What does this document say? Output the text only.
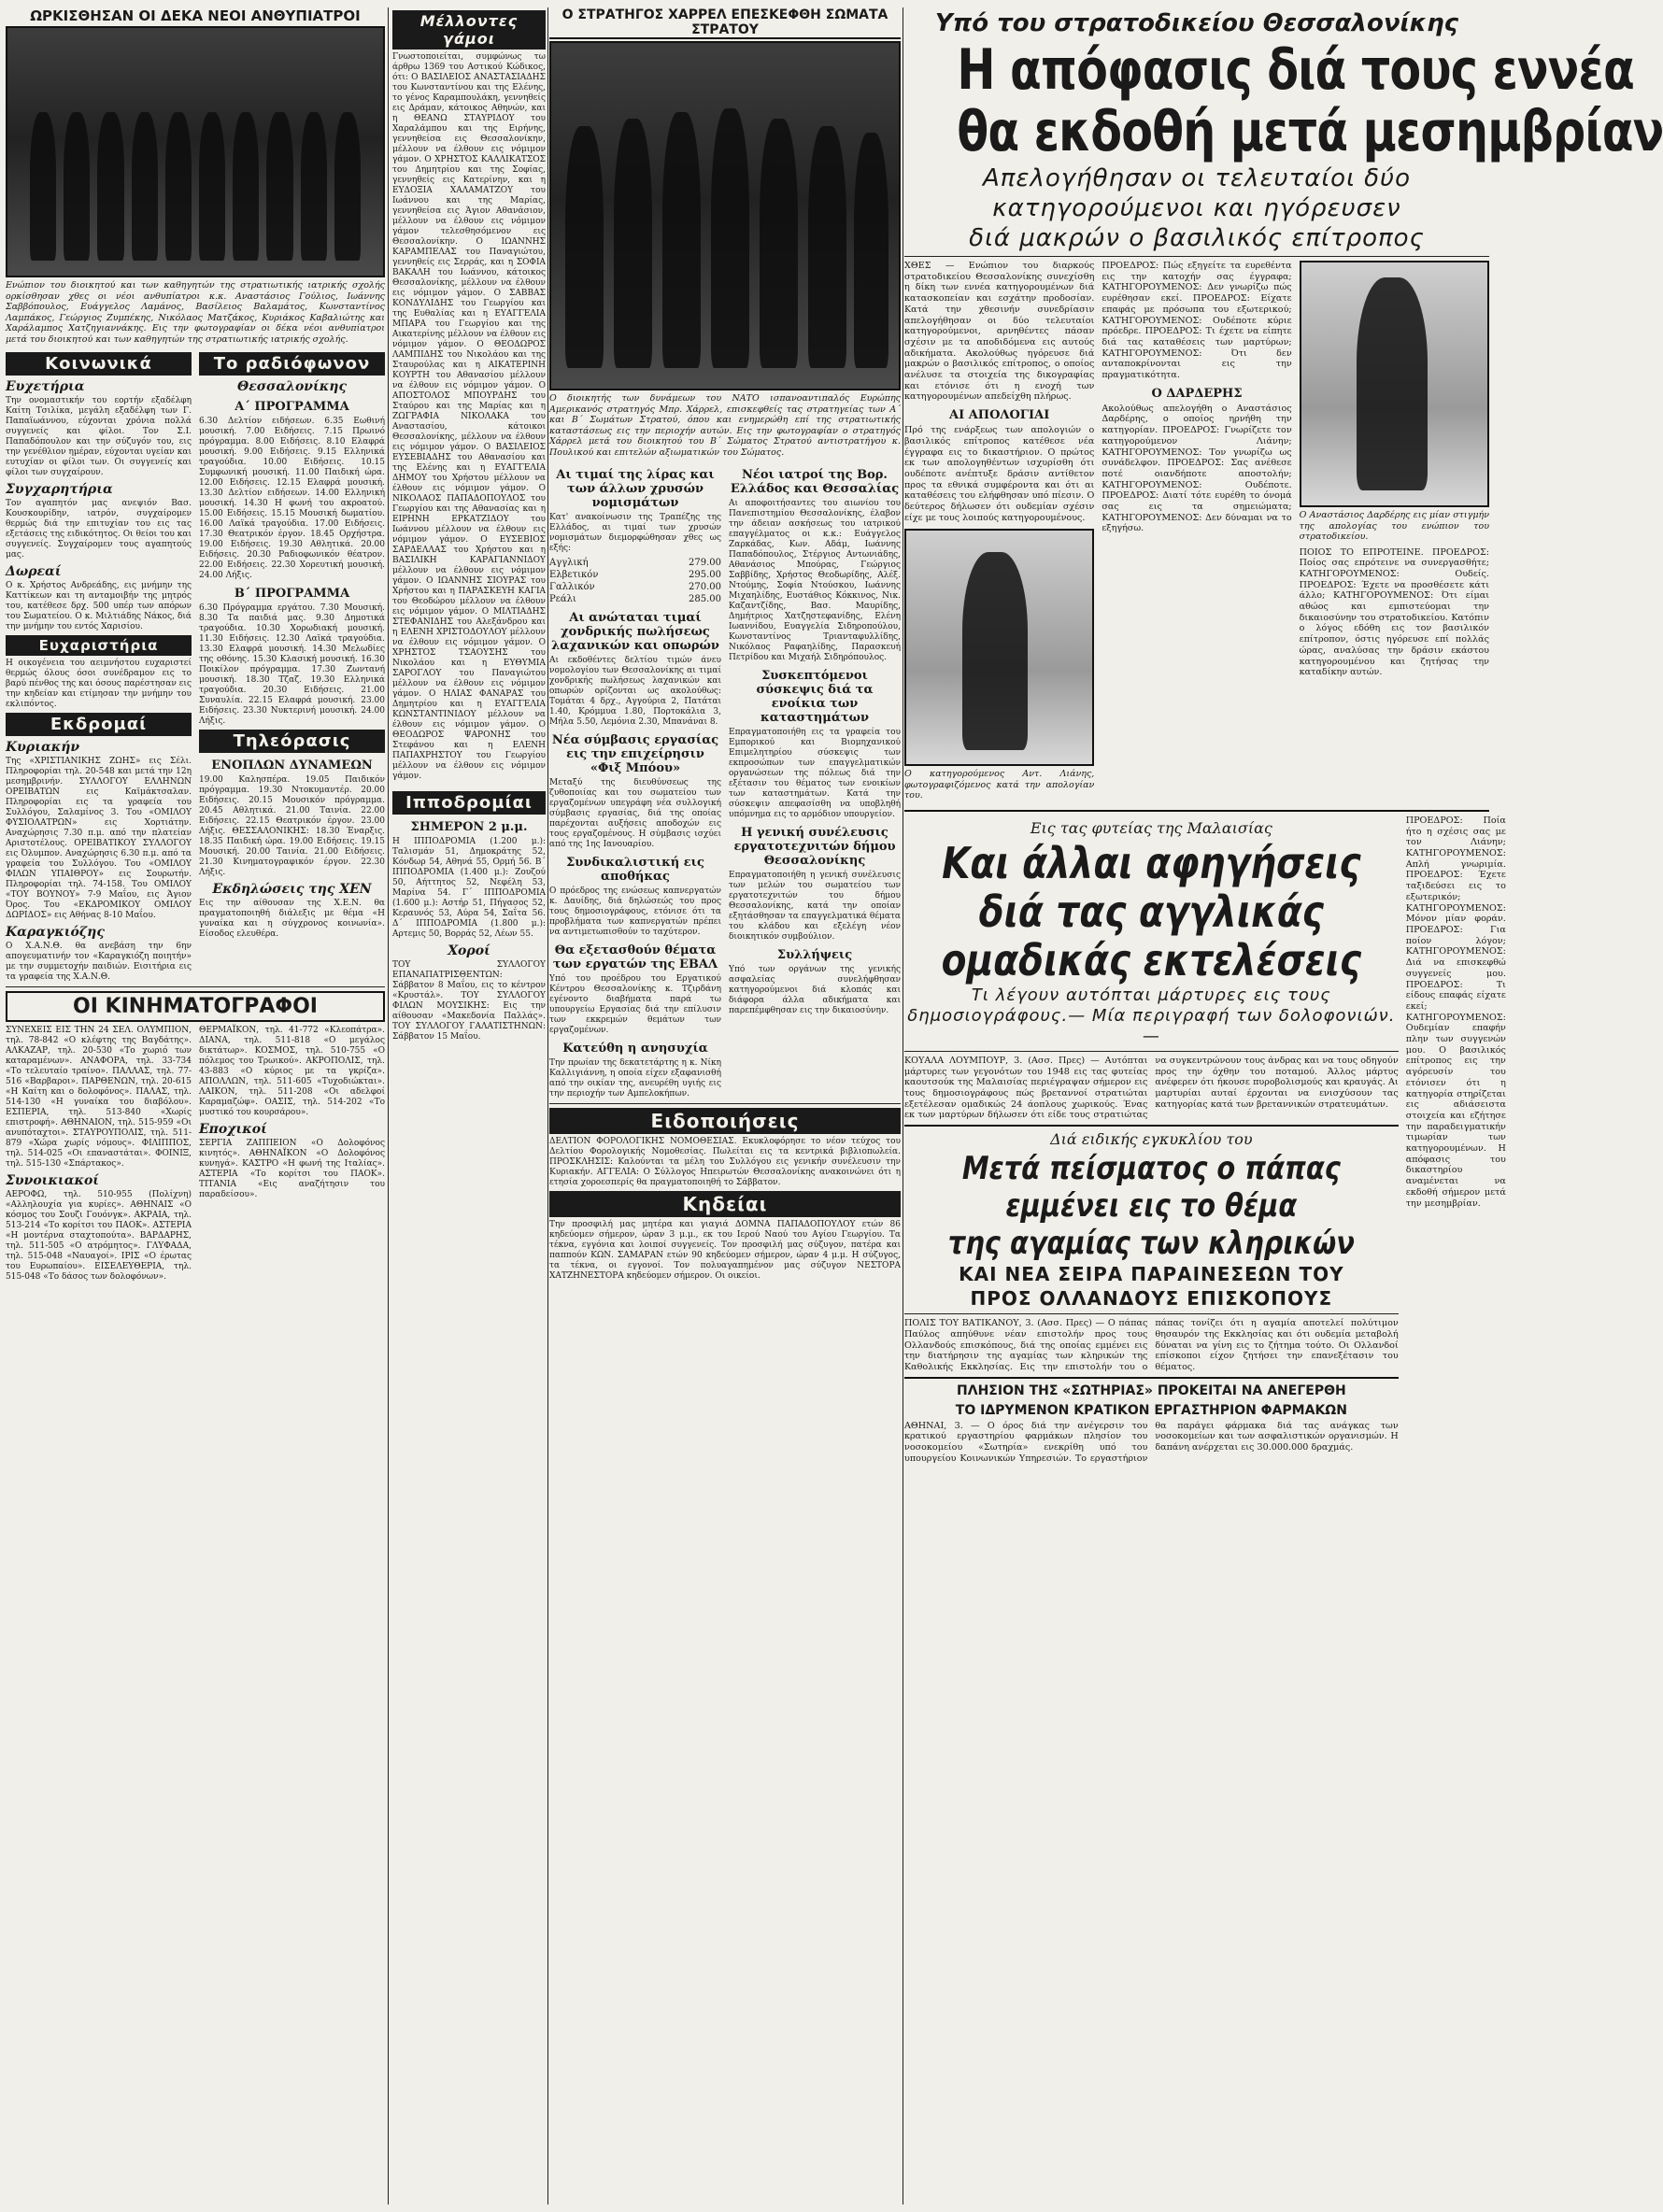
ΩΡΚΙΣΘΗΣΑΝ ΟΙ ΔΕΚΑ ΝΕΟΙ ΑΝΘΥΠΙΑΤΡΟΙ

Ενώπιον του διοικητού και των καθηγητών της στρατιωτικής ιατρικής σχολής ορκίσθησαν χθες οι νέοι ανθυπίατροι κ.κ. Αναστάσιος Γούλιος, Ιωάννης Σαββόπουλος, Ευάγγελος Λαμάνος, Βασίλειος Βαλαμάτος, Κωνσταντίνος Λαμπάκος, Γεώργιος Ζυμπέκης, Νικόλαος Ματζάκος, Κυριάκος Καβαλιώτης και Χαράλαμπος Χατζηγιαννάκης. Εις την φωτογραφίαν οι δέκα νέοι ανθυπίατροι μετά του διοικητού και των καθηγητών της στρατιωτικής ιατρικής σχολής.

Κοινωνικά
Ευχετήρια

Την ονομαστικήν του εορτήν εξαδέλφη Καίτη Τσιλίκα, μεγάλη εξαδέλφη των Γ. Παπαϊωάννου, εύχονται χρόνια πολλά συγγενείς και φίλοι. Τον Σ.Ι. Παπαδόπουλον και την σύζυγόν του, εις την γενέθλιον ημέραν, εύχονται υγείαν και ευτυχίαν οι φίλοι των. Οι συγγενείς και φίλοι των συγχαίρουν.

Συγχαρητήρια

Τον αγαπητόν μας ανεψιόν Βασ. Κουσκουρίδην, ιατρόν, συγχαίρομεν θερμώς διά την επιτυχίαν του εις τας εξετάσεις της ειδικότητος. Οι θείοι του και συγγενείς. Συγχαίρομεν τους αγαπητούς μας.

Δωρεαί

Ο κ. Χρήστος Ανδρεάδης, εις μνήμην της Καττίκεων και τη ανταμοιβήν της μητρός του, κατέθεσε δρχ. 500 υπέρ των απόρων του Σωματείου. Ο κ. Μιλτιάδης Νάκος, διά την μνήμην του εντός Χαρισίου.

Ευχαριστήρια

Η οικογένεια του αειμνήστου ευχαριστεί θερμώς όλους όσοι συνέδραμον εις το βαρύ πένθος της και όσους παρέστησαν εις την κηδείαν και ετίμησαν την μνήμην του εκλιπόντος.

Εκδρομαί
Κυριακήν

Της «ΧΡΙΣΤΙΑΝΙΚΗΣ ΖΩΗΣ» εις Σέλι. Πληροφορίαι τηλ. 20-548 και μετά την 12η μεσημβρινήν. ΣΥΛΛΟΓΟΥ ΕΛΛΗΝΩΝ ΟΡΕΙΒΑΤΩΝ εις Καϊμάκτσαλαν. Πληροφορίαι εις τα γραφεία του Συλλόγου, Σαλαμίνος 3. Του «ΟΜΙΛΟΥ ΦΥΣΙΟΛΑΤΡΩΝ» εις Χορτιάτην. Αναχώρησις 7.30 π.μ. από την πλατείαν Αριστοτέλους. ΟΡΕΙΒΑΤΙΚΟΥ ΣΥΛΛΟΓΟΥ εις Όλυμπον. Αναχώρησις 6.30 π.μ. από τα γραφεία του Συλλόγου. Του «ΟΜΙΛΟΥ ΦΙΛΩΝ ΥΠΑΙΘΡΟΥ» εις Σουρωτήν. Πληροφορίαι τηλ. 74-158. Του ΟΜΙΛΟΥ «ΤΟΥ ΒΟΥΝΟΥ» 7-9 Μαΐου, εις Άγιον Όρος. Του «ΕΚΔΡΟΜΙΚΟΥ ΟΜΙΛΟΥ ΔΩΡΙΔΟΣ» εις Αθήνας 8-10 Μαΐου.

Καραγκιόζης

Ο Χ.Α.Ν.Θ. θα ανεβάση την 6ην απογευματινήν τον «Καραγκιόζη ποιητήν» με την συμμετοχήν παιδιών. Εισιτήρια εις τα γραφεία της Χ.Α.Ν.Θ.

Το ραδιόφωνον
Θεσσαλονίκης
Α΄ ΠΡΟΓΡΑΜΜΑ

6.30 Δελτίον ειδήσεων. 6.35 Εωθινή μουσική. 7.00 Ειδήσεις. 7.15 Πρωινό πρόγραμμα. 8.00 Ειδήσεις. 8.10 Ελαφρά μουσική. 9.00 Ειδήσεις. 9.15 Ελληνικά τραγούδια. 10.00 Ειδήσεις. 10.15 Συμφωνική μουσική. 11.00 Παιδική ώρα. 12.00 Ειδήσεις. 12.15 Ελαφρά μουσική. 13.30 Δελτίον ειδήσεων. 14.00 Ελληνική μουσική. 14.30 Η φωνή του ακροατού. 15.00 Ειδήσεις. 15.15 Μουσική δωματίου. 16.00 Λαϊκά τραγούδια. 17.00 Ειδήσεις. 17.30 Θεατρικόν έργον. 18.45 Ορχήστρα. 19.00 Ειδήσεις. 19.30 Αθλητικά. 20.00 Ειδήσεις. 20.30 Ραδιοφωνικόν θέατρον. 22.00 Ειδήσεις. 22.30 Χορευτική μουσική. 24.00 Λήξις.

Β΄ ΠΡΟΓΡΑΜΜΑ

6.30 Πρόγραμμα εργάτου. 7.30 Μουσική. 8.30 Τα παιδιά μας. 9.30 Δημοτικά τραγούδια. 10.30 Χορωδιακή μουσική. 11.30 Ειδήσεις. 12.30 Λαϊκά τραγούδια. 13.30 Ελαφρά μουσική. 14.30 Μελωδίες της οθόνης. 15.30 Κλασική μουσική. 16.30 Ποικίλον πρόγραμμα. 17.30 Ζωντανή μουσική. 18.30 Τζαζ. 19.30 Ελληνικά τραγούδια. 20.30 Ειδήσεις. 21.00 Συναυλία. 22.15 Ελαφρά μουσική. 23.00 Ειδήσεις. 23.30 Νυκτερινή μουσική. 24.00 Λήξις.

Τηλεόρασις
ΕΝΟΠΛΩΝ ΔΥΝΑΜΕΩΝ

19.00 Καλησπέρα. 19.05 Παιδικόν πρόγραμμα. 19.30 Ντοκυμαντέρ. 20.00 Ειδήσεις. 20.15 Μουσικόν πρόγραμμα. 20.45 Αθλητικά. 21.00 Ταινία. 22.00 Ειδήσεις. 22.15 Θεατρικόν έργον. 23.00 Λήξις. ΘΕΣΣΑΛΟΝΙΚΗΣ: 18.30 Έναρξις. 18.35 Παιδική ώρα. 19.00 Ειδήσεις. 19.15 Μουσική. 20.00 Ταινία. 21.00 Ειδήσεις. 21.30 Κινηματογραφικόν έργον. 22.30 Λήξις.

Εκδηλώσεις της ΧΕΝ

Εις την αίθουσαν της Χ.Ε.Ν. θα πραγματοποιηθή διάλεξις με θέμα «Η γυναίκα και η σύγχρονος κοινωνία». Είσοδος ελευθέρα.

ΟΙ ΚΙΝΗΜΑΤΟΓΡΑΦΟΙ

ΣΥΝΕΧΕΙΣ ΕΙΣ ΤΗΝ 24 ΣΕΛ. ΟΛΥΜΠΙΟΝ, τηλ. 78-842 «Ο κλέφτης της Βαγδάτης». ΑΛΚΑΖΑΡ, τηλ. 20-530 «Το χωριό των καταραμένων». ΑΝΑΦΟΡΑ, τηλ. 33-734 «Το τελευταίο τραίνο». ΠΑΛΛΑΣ, τηλ. 77-516 «Βαρβαροι». ΠΑΡΘΕΝΩΝ, τηλ. 20-615 «Η Καίτη και ο δολοφόνος». ΠΑΛΑΣ, τηλ. 514-130 «Η γυναίκα του διαβόλου». ΕΣΠΕΡΙΑ, τηλ. 513-840 «Χωρίς επιστροφή». ΑΘΗΝΑΙΟΝ, τηλ. 515-959 «Οι ανυπόταχτοι». ΣΤΑΥΡΟΥΠΟΛΙΣ, τηλ. 511-879 «Χώρα χωρίς νόμους». ΦΙΛΙΠΠΟΣ, τηλ. 514-025 «Οι επαναστάται». ΦΟΙΝΙΞ, τηλ. 515-130 «Σπάρτακος».

Συνοικιακοί

ΑΕΡΟΦΩ, τηλ. 510-955 (Πολίχνη) «Αλληλουχία για κυρίες». ΑΘΗΝΑΙΣ «Ο κόσμος του Σουζι Γουόνγκ». ΑΚΡΑΙΑ, τηλ. 513-214 «Το κορίτσι του ΠΑΟΚ». ΑΣΤΕΡΙΑ «Η μοντέρνα σταχτοπούτα». ΒΑΡΔΑΡΗΣ, τηλ. 511-505 «Ο ατρόμητος». ΓΛΥΦΑΔΑ, τηλ. 515-048 «Ναυαγοί». ΙΡΙΣ «Ο έρωτας του Ευρωπαίου». ΕΙΣΕΛΕΥΘΕΡΙΑ, τηλ. 515-048 «Το δάσος των δολοφόνων».

ΘΕΡΜΑΪΚΟΝ, τηλ. 41-772 «Κλεοπάτρα». ΔΙΑΝΑ, τηλ. 511-818 «Ο μεγάλος δικτάτωρ». ΚΟΣΜΟΣ, τηλ. 510-755 «Ο πόλεμος του Τρωικού». ΑΚΡΟΠΟΛΙΣ, τηλ. 43-883 «Ο κύριος με τα γκρίζα». ΑΠΟΛΛΩΝ, τηλ. 511-605 «Τυχοδιώκται». ΛΑΙΚΟΝ, τηλ. 511-208 «Οι αδελφοί Καραμαζώφ». ΟΑΣΙΣ, τηλ. 514-202 «Το μυστικό του κουρσάρου».

Εποχικοί

ΣΕΡΓΙΑ ΖΑΠΠΕΙΟΝ «Ο Δολοφόνος κινητός». ΑΘΗΝΑΪΚΟΝ «Ο Δολοφόνος κυνηγά». ΚΑΣΤΡΟ «Η φωνή της Ιταλίας». ΑΣΤΕΡΙΑ «Το κορίτσι του ΠΑΟΚ». ΤΙΤΑΝΙΑ «Εις αναζήτησιν του παραδείσου».

Μέλλοντες γάμοι

Γνωστοποιείται, συμφώνως τω άρθρω 1369 του Αστικού Κώδικος, ότι: Ο ΒΑΣΙΛΕΙΟΣ ΑΝΑΣΤΑΣΙΑΔΗΣ του Κωνσταντίνου και της Ελένης, το γένος Καραμπουλάκη, γεννηθείς εις Δράμαν, κάτοικος Αθηνών, και η ΘΕΑΝΩ ΣΤΑΥΡΙΔΟΥ του Χαραλάμπου και της Ειρήνης, γεννηθείσα εις Θεσσαλονίκην, μέλλουν να έλθουν εις νόμιμον γάμον. Ο ΧΡΗΣΤΟΣ ΚΑΛΛΙΚΑΤΣΟΣ του Δημητρίου και της Σοφίας, γεννηθείς εις Κατερίνην, και η ΕΥΔΟΞΙΑ ΧΑΛΑΜΑΤΖΟΥ του Ιωάννου και της Μαρίας, γεννηθείσα εις Άγιον Αθανάσιον, μέλλουν να έλθουν εις νόμιμον γάμον τελεσθησόμενον εις Θεσσαλονίκην. Ο ΙΩΑΝΝΗΣ ΚΑΡΑΜΠΕΛΑΣ του Παναγιώτου, γεννηθείς εις Σερράς, και η ΣΟΦΙΑ ΒΑΚΑΛΗ του Ιωάννου, κάτοικος Θεσσαλονίκης, μέλλουν να έλθουν εις νόμιμον γάμον. Ο ΣΑΒΒΑΣ ΚΟΝΔΥΛΙΔΗΣ του Γεωργίου και της Ευθαλίας και η ΕΥΑΓΓΕΛΙΑ ΜΠΑΡΑ του Γεωργίου και της Αικατερίνης μέλλουν να έλθουν εις νόμιμον γάμον. Ο ΘΕΟΔΩΡΟΣ ΛΑΜΠΙΔΗΣ του Νικολάου και της Σταυρούλας και η ΑΙΚΑΤΕΡΙΝΗ ΚΟΥΡΤΗ του Αθανασίου μέλλουν να έλθουν εις νόμιμον γάμον. Ο ΑΠΟΣΤΟΛΟΣ ΜΠΟΥΡΔΗΣ του Σταύρου και της Μαρίας και η ΖΩΓΡΑΦΙΑ ΝΙΚΟΛΑΚΑ του Αναστασίου, κάτοικοι Θεσσαλονίκης, μέλλουν να έλθουν εις νόμιμον γάμον. Ο ΒΑΣΙΛΕΙΟΣ ΕΥΣΕΒΙΑΔΗΣ του Αθανασίου και της Ελένης και η ΕΥΑΓΓΕΛΙΑ ΔΗΜΟΥ του Χρήστου μέλλουν να έλθουν εις νόμιμον γάμον. Ο ΝΙΚΟΛΑΟΣ ΠΑΠΑΔΟΠΟΥΛΟΣ του Γεωργίου και της Αθανασίας και η ΕΙΡΗΝΗ ΕΡΚΑΤΖΙΔΟΥ του Ιωάννου μέλλουν να έλθουν εις νόμιμον γάμον. Ο ΕΥΣΕΒΙΟΣ ΣΑΡΔΕΛΛΑΣ του Χρήστου και η ΒΑΣΙΛΙΚΗ ΚΑΡΑΓΙΑΝΝΙΔΟΥ μέλλουν να έλθουν εις νόμιμον γάμον. Ο ΙΩΑΝΝΗΣ ΣΙΟΥΡΑΣ του Χρήστου και η ΠΑΡΑΣΚΕΥΗ ΚΑΓΙΑ του Θεοδώρου μέλλουν να έλθουν εις νόμιμον γάμον. Ο ΜΙΛΤΙΑΔΗΣ ΣΤΕΦΑΝΙΔΗΣ του Αλεξάνδρου και η ΕΛΕΝΗ ΧΡΙΣΤΟΔΟΥΛΟΥ μέλλουν να έλθουν εις νόμιμον γάμον. Ο ΧΡΗΣΤΟΣ ΤΣΑΟΥΣΗΣ του Νικολάου και η ΕΥΘΥΜΙΑ ΣΑΡΟΓΛΟΥ του Παναγιώτου μέλλουν να έλθουν εις νόμιμον γάμον. Ο ΗΛΙΑΣ ΦΑΝΑΡΑΣ του Δημητρίου και η ΕΥΑΓΓΕΛΙΑ ΚΩΝΣΤΑΝΤΙΝΙΔΟΥ μέλλουν να έλθουν εις νόμιμον γάμον. Ο ΘΕΟΔΩΡΟΣ ΨΑΡΟΝΗΣ του Στεφάνου και η ΕΛΕΝΗ ΠΑΠΑΧΡΗΣΤΟΥ του Γεωργίου μέλλουν να έλθουν εις νόμιμον γάμον.

Ιπποδρομίαι
ΣΗΜΕΡΟΝ 2 μ.μ.

Η ΙΠΠΟΔΡΟΜΙΑ (1.200 μ.): Ταλισμάν 51, Δημοκράτης 52, Κόνδωρ 54, Αθηνά 55, Ορμή 56. Β΄ ΙΠΠΟΔΡΟΜΙΑ (1.400 μ.): Ζουζού 50, Αήττητος 52, Νεφέλη 53, Μαρίνα 54. Γ΄ ΙΠΠΟΔΡΟΜΙΑ (1.600 μ.): Αστήρ 51, Πήγασος 52, Κεραυνός 53, Αύρα 54, Σαΐτα 56. Δ΄ ΙΠΠΟΔΡΟΜΙΑ (1.800 μ.): Αρτεμις 50, Βορράς 52, Λέων 55.

Χοροί

ΤΟΥ ΣΥΛΛΟΓΟΥ ΕΠΑΝΑΠΑΤΡΙΣΘΕΝΤΩΝ: Σάββατον 8 Μαΐου, εις το κέντρον «Κρυστάλ». ΤΟΥ ΣΥΛΛΟΓΟΥ ΦΙΛΩΝ ΜΟΥΣΙΚΗΣ: Εις την αίθουσαν «Μακεδονία Παλλάς». ΤΟΥ ΣΥΛΛΟΓΟΥ ΓΑΛΑΤΙΣΤΗΝΩΝ: Σάββατον 15 Μαΐου.

Ο ΣΤΡΑΤΗΓΟΣ ΧΑΡΡΕΛ ΕΠΕΣΚΕΦΘΗ ΣΩΜΑΤΑ ΣΤΡΑΤΟΥ

Ο διοικητής των δυνάμεων του ΝΑΤΟ ισπανοαντιπαλός Ευρώπης Αμερικανός στρατηγός Μπρ. Χάρρελ, επισκεφθείς τας στρατηγείας των Α΄ και Β΄ Σωμάτων Στρατού, όπου και ενημερώθη επί της στρατιωτικής καταστάσεως εις την περιοχήν αυτών. Εις την φωτογραφίαν ο στρατηγός Χάρρελ μετά του διοικητού του Β΄ Σώματος Στρατού αντιστρατήγου κ. Πουλικού και επιτελών αξιωματικών του Σώματος.

Αι τιμαί της λίρας και των άλλων χρυσών νομισμάτων

Κατ' ανακοίνωσιν της Τραπέζης της Ελλάδος, αι τιμαί των χρυσών νομισμάτων διεμορφώθησαν χθες ως εξής:

Αγγλική	279.00
Ελβετικόν	295.00
Γαλλικόν	270.00
Ρεάλι	285.00
Αι ανώταται τιμαί χονδρικής πωλήσεως λαχανικών και οπωρών

Αι εκδοθέντες δελτίου τιμών άνευ νομολογίου των Θεσσαλονίκης αι τιμαί χονδρικής πωλήσεως λαχανικών και οπωρών ορίζονται ως ακολούθως: Τομάται 4 δρχ., Αγγούρια 2, Πατάται 1.40, Κρόμμυα 1.80, Πορτοκάλια 3, Μήλα 5.50, Λεμόνια 2.30, Μπανάναι 8.

Νέα σύμβασις εργασίας εις την επιχείρησιν «Φιξ Μπόου»

Μεταξύ της διευθύνσεως της ζυθοποιίας και του σωματείου των εργαζομένων υπεγράφη νέα συλλογική σύμβασις εργασίας, διά της οποίας παρέχονται αυξήσεις αποδοχών εις τους εργαζομένους. Η σύμβασις ισχύει από της 1ης Ιανουαρίου.

Συνδικαλιστική εις αποθήκας

Ο πρόεδρος της ενώσεως καπνεργατών κ. Δαυίδης, διά δηλώσεώς του προς τους δημοσιογράφους, ετόνισε ότι τα προβλήματα των καπνεργατών πρέπει να αντιμετωπισθούν το ταχύτερον.

Θα εξετασθούν θέματα των εργατών της ΕΒΑΛ

Υπό του προέδρου του Εργατικού Κέντρου Θεσσαλονίκης κ. Τζιρδάνη εγένοντο διαβήματα παρά τω υπουργείω Εργασίας διά την επίλυσιν των εκκρεμών θεμάτων των εργαζομένων.

Κατεύθη η ανησυχία

Την πρωίαν της δεκατετάρτης η κ. Νίκη Καλλιγιάννη, η οποία είχεν εξαφανισθή από την οικίαν της, ανευρέθη υγιής εις την περιοχήν των Αμπελοκήπων.

Νέοι ιατροί της Βορ. Ελλάδος και Θεσσαλίας

Αι αποφοιτήσαντες του αιωνίου του Πανεπιστημίου Θεσσαλονίκης, έλαβον την άδειαν ασκήσεως του ιατρικού επαγγέλματος οι κ.κ.: Ευάγγελος Ζαρκάδας, Κων. Αδάμ, Ιωάννης Παπαδόπουλος, Στέργιος Αντωνιάδης, Αθανάσιος Μπούρας, Γεώργιος Σαββίδης, Χρήστος Θεοδωρίδης, Αλέξ. Ντούμης, Σοφία Ντούσκου, Ιωάννης Μιχαηλίδης, Ευστάθιος Κόκκινος, Νικ. Καζαντζίδης, Βασ. Μαυρίδης, Δημήτριος Χατζηστεφανίδης, Ελένη Ιωαννίδου, Ευαγγελία Σιδηροπούλου, Κωνσταντίνος Τριανταφυλλίδης, Νικόλαος Ραφαηλίδης, Παρασκευή Πετρίδου και Μιχαήλ Σιδηρόπουλος.

Συσκεπτόμενοι σύσκεψις διά τα ενοίκια των καταστημάτων

Επραγματοποιήθη εις τα γραφεία του Εμπορικού και Βιομηχανικού Επιμελητηρίου σύσκεψις των εκπροσώπων των επαγγελματικών οργανώσεων της πόλεως διά την εξέτασιν του θέματος των ενοικίων των καταστημάτων. Κατά την σύσκεψιν απεφασίσθη να υποβληθή υπόμνημα εις το αρμόδιον υπουργείον.

Η γενική συνέλευσις εργατοτεχνιτών δήμου Θεσσαλονίκης

Επραγματοποιήθη η γενική συνέλευσις των μελών του σωματείου των εργατοτεχνιτών του δήμου Θεσσαλονίκης, κατά την οποίαν εξητάσθησαν τα επαγγελματικά θέματα του κλάδου και εξελέγη νέον διοικητικόν συμβούλιον.

Συλλήψεις

Υπό των οργάνων της γενικής ασφαλείας συνελήφθησαν κατηγορούμενοι διά κλοπάς και διάφορα άλλα αδικήματα και παρεπέμφθησαν εις την δικαιοσύνην.

Ειδοποιήσεις

ΔΕΛΤΙΟΝ ΦΟΡΟΛΟΓΙΚΗΣ ΝΟΜΟΘΕΣΙΑΣ. Εκυκλοφόρησε το νέον τεύχος του Δελτίου Φορολογικής Νομοθεσίας. Πωλείται εις τα κεντρικά βιβλιοπωλεία. ΠΡΟΣΚΛΗΣΙΣ: Καλούνται τα μέλη του Συλλόγου εις γενικήν συνέλευσιν την Κυριακήν. ΑΓΓΕΛΙΑ: Ο Σύλλογος Ηπειρωτών Θεσσαλονίκης ανακοινώνει ότι η ετησία χοροεσπερίς θα πραγματοποιηθή το Σάββατον.

Κηδείαι

Την προσφιλή μας μητέρα και γιαγιά ΔΟΜΝΑ ΠΑΠΑΔΟΠΟΥΛΟΥ ετών 86 κηδεύομεν σήμερον, ώραν 3 μ.μ., εκ του Ιερού Ναού του Αγίου Γεωργίου. Τα τέκνα, εγγόνια και λοιποί συγγενείς. Τον προσφιλή μας σύζυγον, πατέρα και παππούν ΚΩΝ. ΣΑΜΑΡΑΝ ετών 90 κηδεύομεν σήμερον, ώραν 4 μ.μ. Η σύζυγος, τα τέκνα, οι εγγονοί. Τον πολυαγαπημένον μας σύζυγον ΝΕΣΤΟΡΑ ΧΑΤΖΗΝΕΣΤΟΡΑ κηδεύομεν σήμερον. Οι οικείοι.

Υπό του στρατοδικείου Θεσσαλονίκης
Η απόφασις διά τους εννέα
θα εκδοθή μετά μεσημβρίαν
Απελογήθησαν οι τελευταίοι δύο
κατηγορούμενοι και ηγόρευσεν
διά μακρών ο βασιλικός επίτροπος

ΧΘΕΣ — Ενώπιον του διαρκούς στρατοδικείου Θεσσαλονίκης συνεχίσθη η δίκη των εννέα κατηγορουμένων διά κατασκοπείαν και εσχάτην προδοσίαν. Κατά την χθεσινήν συνεδρίασιν απελογήθησαν οι δύο τελευταίοι κατηγορούμενοι, αρνηθέντες πάσαν σχέσιν με τα αποδιδόμενα εις αυτούς αδικήματα. Ακολούθως ηγόρευσε διά μακρών ο βασιλικός επίτροπος, ο οποίος ανέλυσε τα στοιχεία της δικογραφίας και ετόνισε ότι η ενοχή των κατηγορουμένων απεδείχθη πλήρως.

ΑΙ ΑΠΟΛΟΓΙΑΙ

Πρό της ενάρξεως των απολογιών ο βασιλικός επίτροπος κατέθεσε νέα έγγραφα εις το δικαστήριον. Ο πρώτος εκ των απολογηθέντων ισχυρίσθη ότι ουδέποτε ανέπτυξε δράσιν αντίθετον προς τα εθνικά συμφέροντα και ότι αι καταθέσεις του ελήφθησαν υπό πίεσιν. Ο δεύτερος δήλωσεν ότι ουδεμίαν σχέσιν είχε με τους λοιπούς κατηγορουμένους.

Ο κατηγορούμενος Αντ. Λιάνης, φωτογραφιζόμενος κατά την απολογίαν του.

ΠΡΟΕΔΡΟΣ: Πώς εξηγείτε τα ευρεθέντα εις την κατοχήν σας έγγραφα; ΚΑΤΗΓΟΡΟΥΜΕΝΟΣ: Δεν γνωρίζω πώς ευρέθησαν εκεί. ΠΡΟΕΔΡΟΣ: Είχατε επαφάς με πρόσωπα του εξωτερικού; ΚΑΤΗΓΟΡΟΥΜΕΝΟΣ: Ουδέποτε κύριε πρόεδρε. ΠΡΟΕΔΡΟΣ: Τι έχετε να είπητε διά τας καταθέσεις των μαρτύρων; ΚΑΤΗΓΟΡΟΥΜΕΝΟΣ: Ότι δεν ανταποκρίνονται εις την πραγματικότητα.

Ο ΔΑΡΔΕΡΗΣ

Ακολούθως απελογήθη ο Αναστάσιος Δαρδέρης, ο οποίος ηρνήθη την κατηγορίαν. ΠΡΟΕΔΡΟΣ: Γνωρίζετε τον κατηγορούμενον Λιάνην; ΚΑΤΗΓΟΡΟΥΜΕΝΟΣ: Τον γνωρίζω ως συνάδελφον. ΠΡΟΕΔΡΟΣ: Σας ανέθεσε ποτέ οιανδήποτε αποστολήν; ΚΑΤΗΓΟΡΟΥΜΕΝΟΣ: Ουδέποτε. ΠΡΟΕΔΡΟΣ: Διατί τότε ευρέθη το όνομά σας εις τα σημειώματα; ΚΑΤΗΓΟΡΟΥΜΕΝΟΣ: Δεν δύναμαι να το εξηγήσω.

Ο Αναστάσιος Δαρδέρης εις μίαν στιγμήν της απολογίας του ενώπιον του στρατοδικείου.

ΠΟΙΟΣ ΤΟ ΕΠΡΟΤΕΙΝΕ. ΠΡΟΕΔΡΟΣ: Ποίος σας επρότεινε να συνεργασθήτε; ΚΑΤΗΓΟΡΟΥΜΕΝΟΣ: Ουδείς. ΠΡΟΕΔΡΟΣ: Έχετε να προσθέσετε κάτι άλλο; ΚΑΤΗΓΟΡΟΥΜΕΝΟΣ: Ότι είμαι αθώος και εμπιστεύομαι την δικαιοσύνην του στρατοδικείου. Κατόπιν ο λόγος εδόθη εις τον βασιλικόν επίτροπον, όστις ηγόρευσε επί πολλάς ώρας, αναλύσας την δράσιν εκάστου κατηγορουμένου και ζητήσας την καταδίκην αυτών.

Εις τας φυτείας της Μαλαισίας
Και άλλαι αφηγήσεις
διά τας αγγλικάς
ομαδικάς εκτελέσεις
Τι λέγουν αυτόπται μάρτυρες εις τους δημοσιογράφους.— Μία περιγραφή των δολοφονιών.—

ΚΟΥΑΛΑ ΛΟΥΜΠΟΥΡ, 3. (Ασσ. Πρες) — Αυτόπται μάρτυρες των γεγονότων του 1948 εις τας φυτείας καουτσούκ της Μαλαισίας περιέγραψαν σήμερον εις τους δημοσιογράφους πώς βρεταννοί στρατιώται εξετέλεσαν ομαδικώς 24 άοπλους χωρικούς. Ένας εκ των μαρτύρων δήλωσεν ότι είδε τους στρατιώτας να συγκεντρώνουν τους άνδρας και να τους οδηγούν προς την όχθην του ποταμού. Άλλος μάρτυς ανέφερεν ότι ήκουσε πυροβολισμούς και κραυγάς. Αι μαρτυρίαι αυταί έρχονται να ενισχύσουν τας κατηγορίας κατά των βρεταννικών στρατευμάτων.

Διά ειδικής εγκυκλίου του
Μετά πείσματος ο πάπας
εμμένει εις το θέμα
της αγαμίας των κληρικών
ΚΑΙ ΝΕΑ ΣΕΙΡΑ ΠΑΡΑΙΝΕΣΕΩΝ ΤΟΥ
ΠΡΟΣ ΟΛΛΑΝΔΟΥΣ ΕΠΙΣΚΟΠΟΥΣ

ΠΟΛΙΣ ΤΟΥ ΒΑΤΙΚΑΝΟΥ, 3. (Ασσ. Πρες) — Ο πάπας Παύλος απηύθυνε νέαν επιστολήν προς τους Ολλανδούς επισκόπους, διά της οποίας εμμένει εις την διατήρησιν της αγαμίας των κληρικών της Καθολικής Εκκλησίας. Εις την επιστολήν του ο πάπας τονίζει ότι η αγαμία αποτελεί πολύτιμον θησαυρόν της Εκκλησίας και ότι ουδεμία μεταβολή δύναται να γίνη εις το ζήτημα τούτο. Οι Ολλανδοί επίσκοποι είχον ζητήσει την επανεξέτασιν του θέματος.

ΠΛΗΣΙΟΝ ΤΗΣ «ΣΩΤΗΡΙΑΣ» ΠΡΟΚΕΙΤΑΙ ΝΑ ΑΝΕΓΕΡΘΗ
ΤΟ ΙΔΡΥΜΕΝΟΝ ΚΡΑΤΙΚΟΝ ΕΡΓΑΣΤΗΡΙΟΝ ΦΑΡΜΑΚΩΝ

ΑΘΗΝΑΙ, 3. — Ο όρος διά την ανέγερσιν του κρατικού εργαστηρίου φαρμάκων πλησίον του νοσοκομείου «Σωτηρία» ενεκρίθη υπό του υπουργείου Κοινωνικών Υπηρεσιών. Το εργαστήριον θα παράγει φάρμακα διά τας ανάγκας των νοσοκομείων και των ασφαλιστικών οργανισμών. Η δαπάνη ανέρχεται εις 30.000.000 δραχμάς.

ΠΡΟΕΔΡΟΣ: Ποία ήτο η σχέσις σας με τον Λιάνην; ΚΑΤΗΓΟΡΟΥΜΕΝΟΣ: Απλή γνωριμία. ΠΡΟΕΔΡΟΣ: Έχετε ταξιδεύσει εις το εξωτερικόν; ΚΑΤΗΓΟΡΟΥΜΕΝΟΣ: Μόνον μίαν φοράν. ΠΡΟΕΔΡΟΣ: Για ποίον λόγον; ΚΑΤΗΓΟΡΟΥΜΕΝΟΣ: Διά να επισκεφθώ συγγενείς μου. ΠΡΟΕΔΡΟΣ: Τι είδους επαφάς είχατε εκεί; ΚΑΤΗΓΟΡΟΥΜΕΝΟΣ: Ουδεμίαν επαφήν πλην των συγγενών μου. Ο βασιλικός επίτροπος εις την αγόρευσίν του ετόνισεν ότι η κατηγορία στηρίζεται εις αδιάσειστα στοιχεία και εζήτησε την παραδειγματικήν τιμωρίαν των κατηγορουμένων. Η απόφασις του δικαστηρίου αναμένεται να εκδοθή σήμερον μετά την μεσημβρίαν.
